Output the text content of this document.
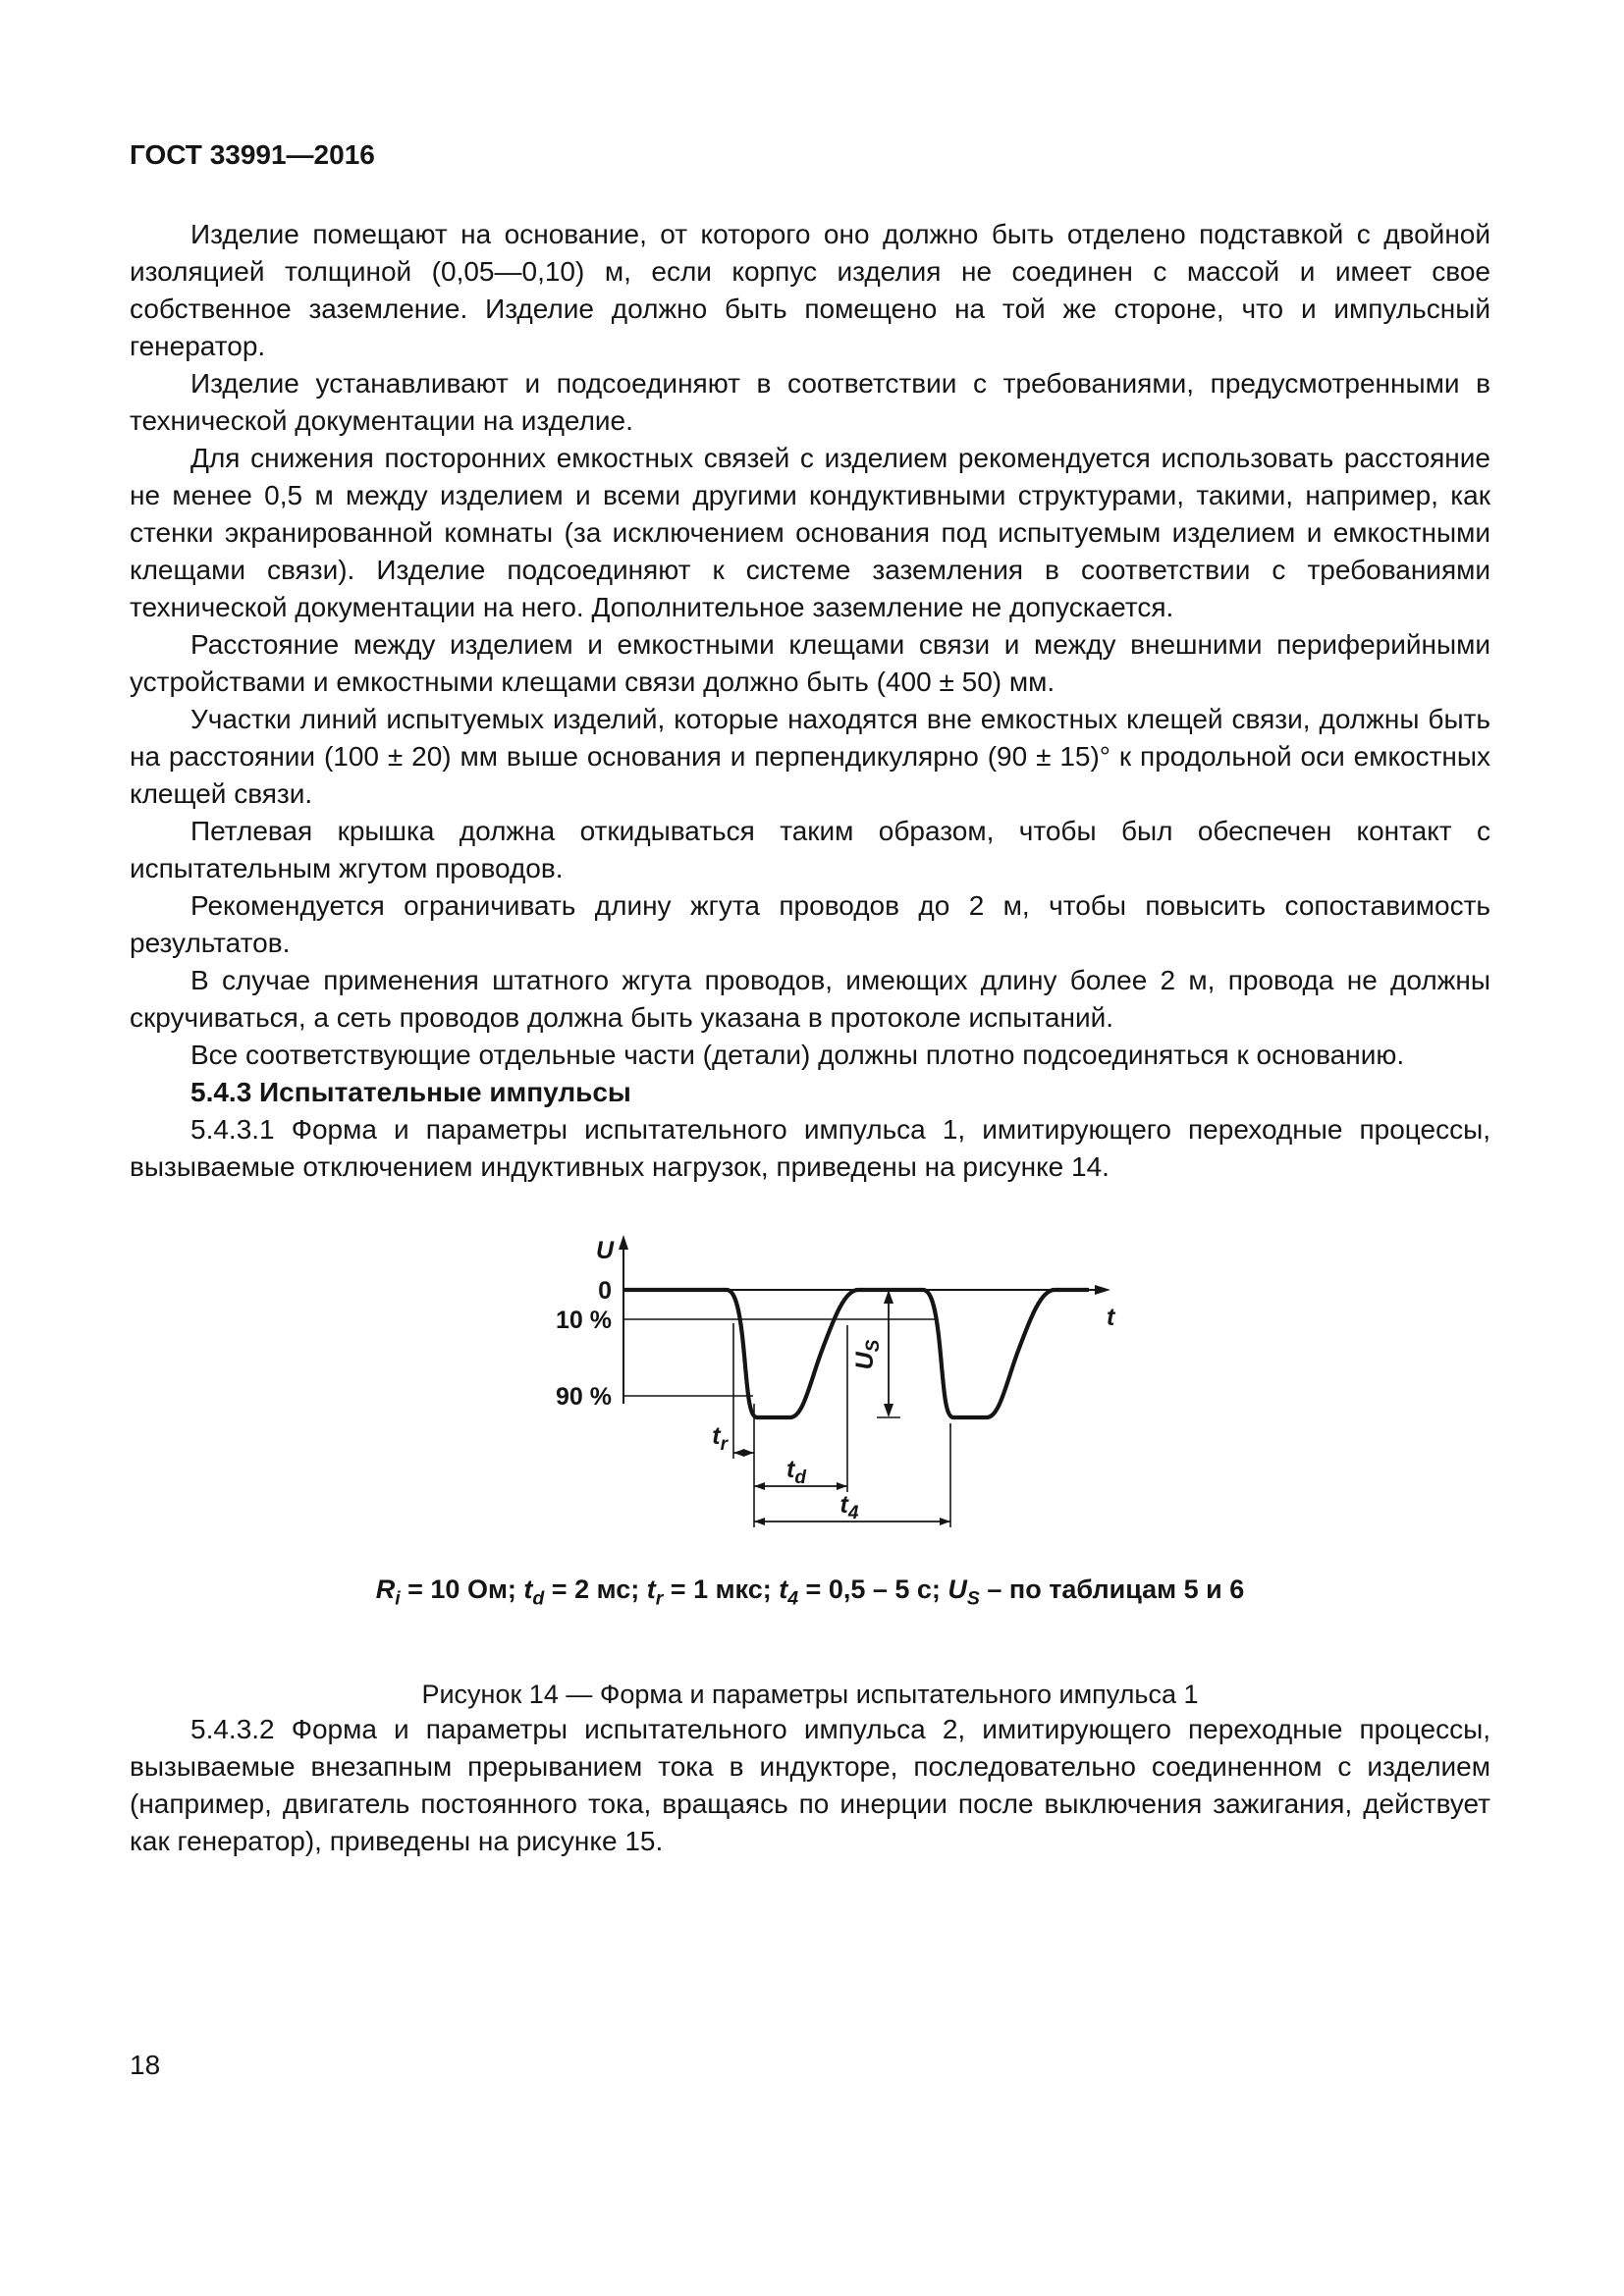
ГОСТ 33991—2016

Изделие помещают на основание, от которого оно должно быть отделено подставкой с двойной изоляцией толщиной (0,05—0,10) м, если корпус изделия не соединен с массой и имеет свое собственное заземление. Изделие должно быть помещено на той же стороне, что и импульсный генератор.

Изделие устанавливают и подсоединяют в соответствии с требованиями, предусмотренными в технической документации на изделие.

Для снижения посторонних емкостных связей с изделием рекомендуется использовать расстояние не менее 0,5 м между изделием и всеми другими кондуктивными структурами, такими, например, как стенки экранированной комнаты (за исключением основания под испытуемым изделием и емкостными клещами связи). Изделие подсоединяют к системе заземления в соответствии с требованиями технической документации на него. Дополнительное заземление не допускается.

Расстояние между изделием и емкостными клещами связи и между внешними периферийными устройствами и емкостными клещами связи должно быть (400 ± 50) мм.

Участки линий испытуемых изделий, которые находятся вне емкостных клещей связи, должны быть на расстоянии (100 ± 20) мм выше основания и перпендикулярно (90 ± 15)° к продольной оси емкостных клещей связи.

Петлевая крышка должна откидываться таким образом, чтобы был обеспечен контакт с испытательным жгутом проводов.

Рекомендуется ограничивать длину жгута проводов до 2 м, чтобы повысить сопоставимость результатов.

В случае применения штатного жгута проводов, имеющих длину более 2 м, провода не должны скручиваться, а сеть проводов должна быть указана в протоколе испытаний.

Все соответствующие отдельные части (детали) должны плотно подсоединяться к основанию.

5.4.3 Испытательные импульсы

5.4.3.1 Форма и параметры испытательного импульса 1, имитирующего переходные процессы, вызываемые отключением индуктивных нагрузок, приведены на рисунке 14.

U
t
0
10 %
90 %
$U_S$
$t_r$
$t_d$
$t_4$
$R_i = 10$ Ом; $t_d = 2$ мс; $t_r = 1$ мкс; $t_4 = 0,5 - 5$ с; $U_S$ – по таблицам 5 и 6
Рисунок 14 — Форма и параметры испытательного импульса 1

5.4.3.2 Форма и параметры испытательного импульса 2, имитирующего переходные процессы, вызываемые внезапным прерыванием тока в индукторе, последовательно соединенном с изделием (например, двигатель постоянного тока, вращаясь по инерции после выключения зажигания, действует как генератор), приведены на рисунке 15.

18
